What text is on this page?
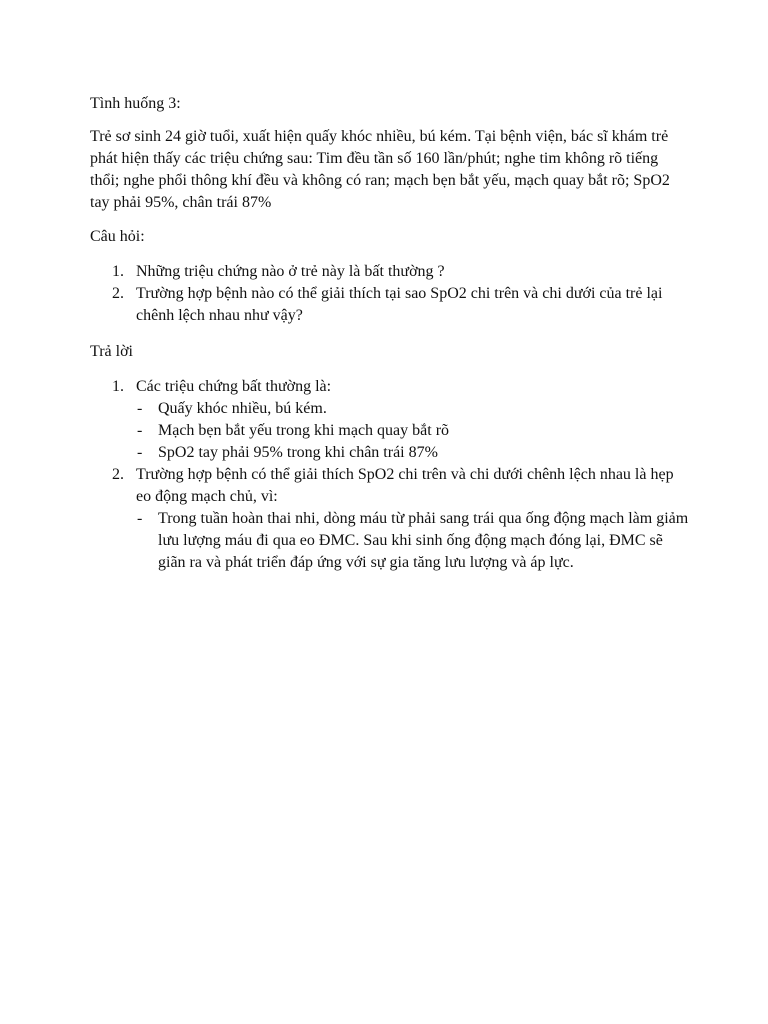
Tình huống 3:

Trẻ sơ sinh 24 giờ tuổi, xuất hiện quấy khóc nhiều, bú kém. Tại bệnh viện, bác sĩ khám trẻ phát hiện thấy các triệu chứng sau: Tim đều tần số 160 lần/phút; nghe tim không rõ tiếng thổi; nghe phổi thông khí đều và không có ran; mạch bẹn bắt yếu, mạch quay bắt rõ; SpO2 tay phải 95%, chân trái 87%

Câu hỏi:

1. Những triệu chứng nào ở trẻ này là bất thường ?
2. Trường hợp bệnh nào có thể giải thích tại sao SpO2 chi trên và chi dưới của trẻ lại chênh lệch nhau như vậy?

Trả lời

1. Các triệu chứng bất thường là:
- Quấy khóc nhiều, bú kém.
- Mạch bẹn bắt yếu trong khi mạch quay bắt rõ
- SpO2 tay phải 95% trong khi chân trái 87%
2. Trường hợp bệnh có thể giải thích SpO2 chi trên và chi dưới chênh lệch nhau là hẹp eo động mạch chủ, vì:
- Trong tuần hoàn thai nhi, dòng máu từ phải sang trái qua ống động mạch làm giảm lưu lượng máu đi qua eo ĐMC. Sau khi sinh ống động mạch đóng lại, ĐMC sẽ giãn ra và phát triển đáp ứng với sự gia tăng lưu lượng và áp lực.
